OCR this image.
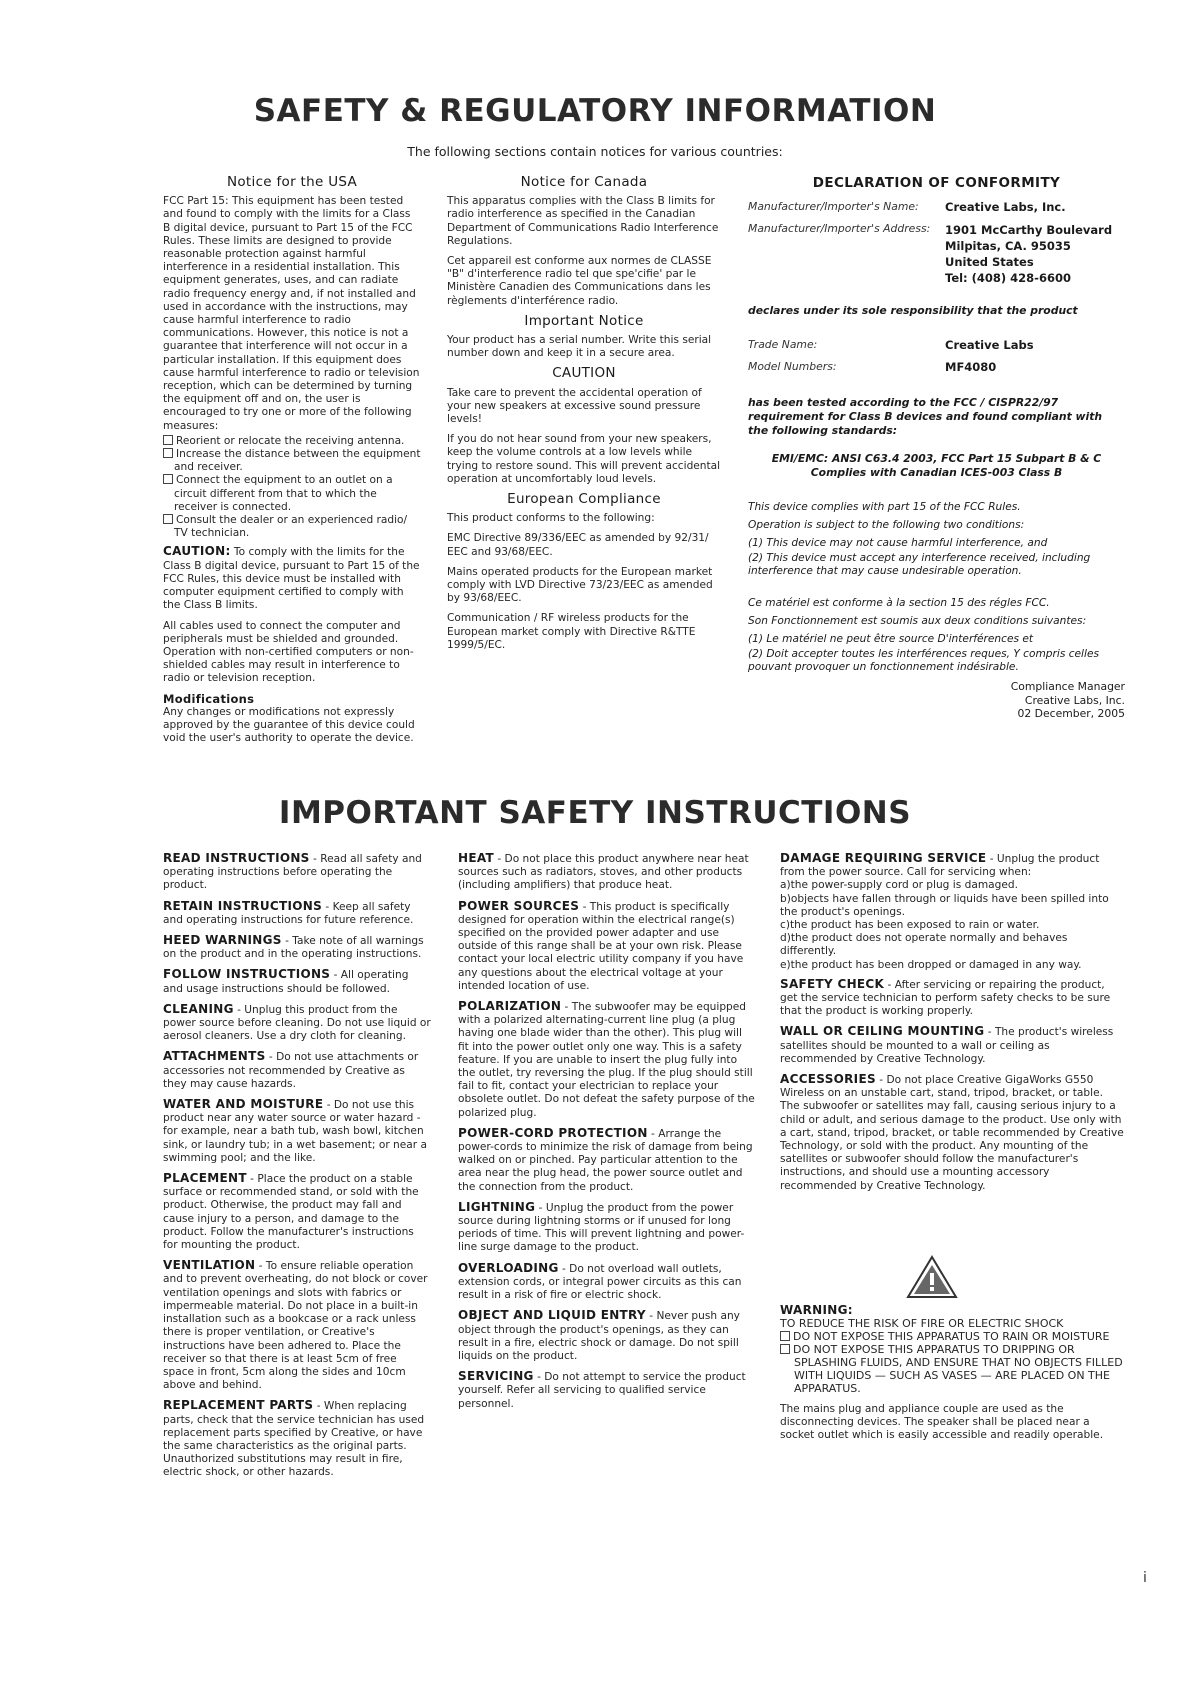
SAFETY & REGULATORY INFORMATION
The following sections contain notices for various countries:
Notice for the USA

FCC Part 15: This equipment has been tested and found to comply with the limits for a Class B digital device, pursuant to Part 15 of the FCC Rules. These limits are designed to provide reasonable protection against harmful interference in a residential installation. This equipment generates, uses, and can radiate radio frequency energy and, if not installed and used in accordance with the instructions, may cause harmful interference to radio communications. However, this notice is not a guarantee that interference will not occur in a particular installation. If this equipment does cause harmful interference to radio or television reception, which can be determined by turning the equipment off and on, the user is encouraged to try one or more of the following measures:

Reorient or relocate the receiving antenna.
Increase the distance between the equipment and receiver.
Connect the equipment to an outlet on a circuit different from that to which the receiver is connected.
Consult the dealer or an experienced radio/ TV technician.

CAUTION: To comply with the limits for the Class B digital device, pursuant to Part 15 of the FCC Rules, this device must be installed with computer equipment certified to comply with the Class B limits.

All cables used to connect the computer and peripherals must be shielded and grounded. Operation with non-certified computers or non-shielded cables may result in interference to radio or television reception.

Modifications

Any changes or modifications not expressly approved by the guarantee of this device could void the user's authority to operate the device.

Notice for Canada

This apparatus complies with the Class B limits for radio interference as specified in the Canadian Department of Communications Radio Interference Regulations.

Cet appareil est conforme aux normes de CLASSE "B" d'interference radio tel que spe'cifie' par le Ministère Canadien des Communications dans les règlements d'interférence radio.

Important Notice

Your product has a serial number. Write this serial number down and keep it in a secure area.

CAUTION

Take care to prevent the accidental operation of your new speakers at excessive sound pressure levels!

If you do not hear sound from your new speakers, keep the volume controls at a low levels while trying to restore sound. This will prevent accidental operation at uncomfortably loud levels.

European Compliance

This product conforms to the following:

EMC Directive 89/336/EEC as amended by 92/31/ EEC and 93/68/EEC.

Mains operated products for the European market comply with LVD Directive 73/23/EEC as amended by 93/68/EEC.

Communication / RF wireless products for the European market comply with Directive R&TTE 1999/5/EC.

DECLARATION OF CONFORMITY
Manufacturer/Importer's Name:	Creative Labs, Inc.
Manufacturer/Importer's Address:	1901 McCarthy Boulevard
Milpitas, CA. 95035
United States
Tel: (408) 428-6600
declares under its sole responsibility that the product
Trade Name:	Creative Labs
Model Numbers:	MF4080
has been tested according to the FCC / CISPR22/97 requirement for Class B devices and found compliant with the following standards:
EMI/EMC: ANSI C63.4 2003, FCC Part 15 Subpart B & C
Complies with Canadian ICES-003 Class B
This device complies with part 15 of the FCC Rules.
Operation is subject to the following two conditions:
(1) This device may not cause harmful interference, and
(2) This device must accept any interference received, including interference that may cause undesirable operation.
Ce matériel est conforme à la section 15 des régles FCC.
Son Fonctionnement est soumis aux deux conditions suivantes:
(1) Le matériel ne peut être source D'interférences et
(2) Doit accepter toutes les interférences reques, Y compris celles pouvant provoquer un fonctionnement indésirable.
Compliance Manager
Creative Labs, Inc.
02 December, 2005
IMPORTANT SAFETY INSTRUCTIONS

READ INSTRUCTIONS - Read all safety and operating instructions before operating the product.

RETAIN INSTRUCTIONS - Keep all safety and operating instructions for future reference.

HEED WARNINGS - Take note of all warnings on the product and in the operating instructions.

FOLLOW INSTRUCTIONS - All operating and usage instructions should be followed.

CLEANING - Unplug this product from the power source before cleaning. Do not use liquid or aerosol cleaners. Use a dry cloth for cleaning.

ATTACHMENTS - Do not use attachments or accessories not recommended by Creative as they may cause hazards.

WATER AND MOISTURE - Do not use this product near any water source or water hazard - for example, near a bath tub, wash bowl, kitchen sink, or laundry tub; in a wet basement; or near a swimming pool; and the like.

PLACEMENT - Place the product on a stable surface or recommended stand, or sold with the product. Otherwise, the product may fall and cause injury to a person, and damage to the product. Follow the manufacturer's instructions for mounting the product.

VENTILATION - To ensure reliable operation and to prevent overheating, do not block or cover ventilation openings and slots with fabrics or impermeable material. Do not place in a built-in installation such as a bookcase or a rack unless there is proper ventilation, or Creative's instructions have been adhered to. Place the receiver so that there is at least 5cm of free space in front, 5cm along the sides and 10cm above and behind.

REPLACEMENT PARTS - When replacing parts, check that the service technician has used replacement parts specified by Creative, or have the same characteristics as the original parts. Unauthorized substitutions may result in fire, electric shock, or other hazards.

HEAT - Do not place this product anywhere near heat sources such as radiators, stoves, and other products (including amplifiers) that produce heat.

POWER SOURCES - This product is specifically designed for operation within the electrical range(s) specified on the provided power adapter and use outside of this range shall be at your own risk. Please contact your local electric utility company if you have any questions about the electrical voltage at your intended location of use.

POLARIZATION - The subwoofer may be equipped with a polarized alternating-current line plug (a plug having one blade wider than the other). This plug will fit into the power outlet only one way. This is a safety feature. If you are unable to insert the plug fully into the outlet, try reversing the plug. If the plug should still fail to fit, contact your electrician to replace your obsolete outlet. Do not defeat the safety purpose of the polarized plug.

POWER-CORD PROTECTION - Arrange the power-cords to minimize the risk of damage from being walked on or pinched. Pay particular attention to the area near the plug head, the power source outlet and the connection from the product.

LIGHTNING - Unplug the product from the power source during lightning storms or if unused for long periods of time. This will prevent lightning and power-line surge damage to the product.

OVERLOADING - Do not overload wall outlets, extension cords, or integral power circuits as this can result in a risk of fire or electric shock.

OBJECT AND LIQUID ENTRY - Never push any object through the product's openings, as they can result in a fire, electric shock or damage. Do not spill liquids on the product.

SERVICING - Do not attempt to service the product yourself. Refer all servicing to qualified service personnel.

DAMAGE REQUIRING SERVICE - Unplug the product from the power source. Call for servicing when:

a)the power-supply cord or plug is damaged.
b)objects have fallen through or liquids have been spilled into the product's openings.
c)the product has been exposed to rain or water.
d)the product does not operate normally and behaves differently.
e)the product has been dropped or damaged in any way.

SAFETY CHECK - After servicing or repairing the product, get the service technician to perform safety checks to be sure that the product is working properly.

WALL OR CEILING MOUNTING - The product's wireless satellites should be mounted to a wall or ceiling as recommended by Creative Technology.

ACCESSORIES - Do not place Creative GigaWorks G550 Wireless on an unstable cart, stand, tripod, bracket, or table. The subwoofer or satellites may fall, causing serious injury to a child or adult, and serious damage to the product. Use only with a cart, stand, tripod, bracket, or table recommended by Creative Technology, or sold with the product. Any mounting of the satellites or subwoofer should follow the manufacturer's instructions, and should use a mounting accessory recommended by Creative Technology.

WARNING:
TO REDUCE THE RISK OF FIRE OR ELECTRIC SHOCK
DO NOT EXPOSE THIS APPARATUS TO RAIN OR MOISTURE
DO NOT EXPOSE THIS APPARATUS TO DRIPPING OR SPLASHING FLUIDS, AND ENSURE THAT NO OBJECTS FILLED WITH LIQUIDS — SUCH AS VASES — ARE PLACED ON THE APPARATUS.

The mains plug and appliance couple are used as the disconnecting devices. The speaker shall be placed near a socket outlet which is easily accessible and readily operable.

i
